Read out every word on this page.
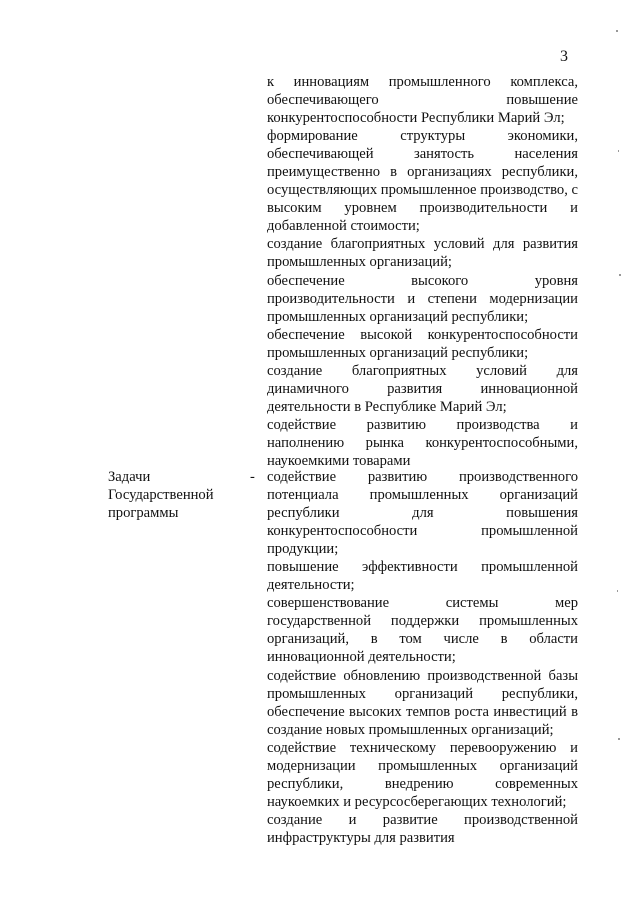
3

к инновациям промышленного комплекса, обеспечивающего повышение конкурентоспособности Республики Марий Эл;

формирование структуры экономики, обеспечивающей занятость населения преимущественно в организациях республики, осуществляющих промышленное производство, с высоким уровнем производительности и добавленной стоимости;

создание благоприятных условий для развития промышленных организаций;

обеспечение высокого уровня производительности и степени модернизации промышленных организаций республики;

обеспечение высокой конкурентоспособности промышленных организаций республики;

создание благоприятных условий для динамичного развития инновационной деятельности в Республике Марий Эл;

содействие развитию производства и наполнению рынка конкурентоспособными, наукоемкими товарами

Задачи
Государственной
программы
- содействие развитию производственного потенциала промышленных организаций республики для повышения конкурентоспособности промышленной продукции;

повышение эффективности промышленной деятельности;

совершенствование системы мер государственной поддержки промышленных организаций, в том числе в области инновационной деятельности;

содействие обновлению производственной базы промышленных организаций республики, обеспечение высоких темпов роста инвестиций в создание новых промышленных организаций;

содействие техническому перевооружению и модернизации промышленных организаций республики, внедрению современных наукоемких и ресурсосберегающих технологий;

создание и развитие производственной инфраструктуры для развития
